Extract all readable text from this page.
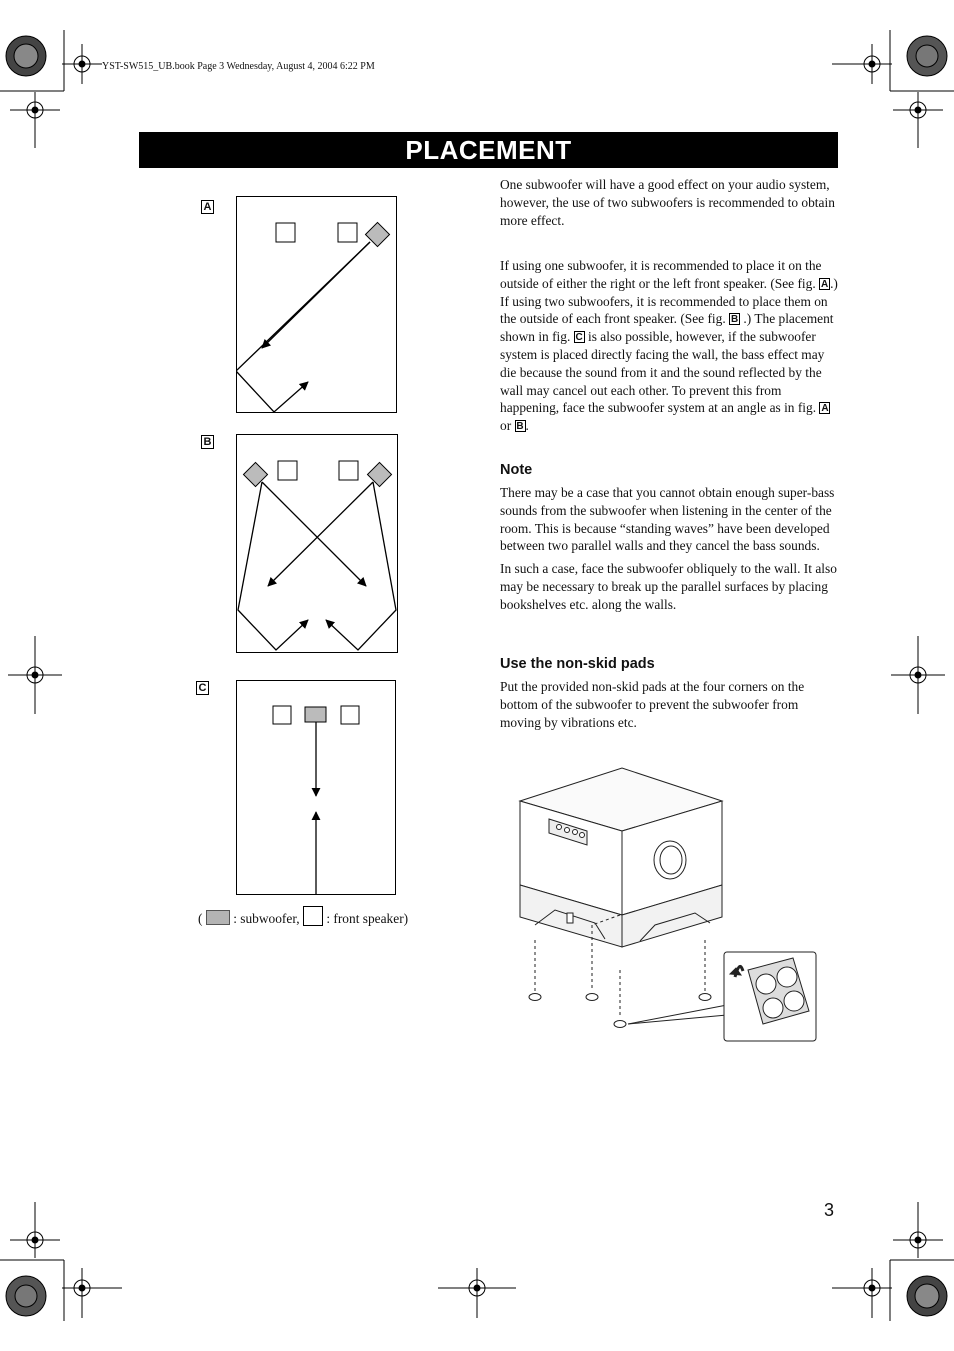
YST-SW515_UB.book Page 3 Wednesday, August 4, 2004 6:22 PM
PLACEMENT
A
B
C
( : subwoofer, : front speaker)

One subwoofer will have a good effect on your audio system, however, the use of two subwoofers is recommended to obtain more effect.

If using one subwoofer, it is recommended to place it on the outside of either the right or the left front speaker. (See fig. A .) If using two subwoofers, it is recommended to place them on the outside of each front speaker. (See fig. B .) The placement shown in fig. C is also possible, however, if the subwoofer system is placed directly facing the wall, the bass effect may die because the sound from it and the sound reflected by the wall may cancel out each other. To prevent this from happening, face the subwoofer system at an angle as in fig. A or B .

Note

There may be a case that you cannot obtain enough super-bass sounds from the subwoofer when listening in the center of the room. This is because “standing waves” have been developed between two parallel walls and they cancel the bass sounds.

In such a case, face the subwoofer obliquely to the wall. It also may be necessary to break up the parallel surfaces by placing bookshelves etc. along the walls.

Use the non-skid pads

Put the provided non-skid pads at the four corners on the bottom of the subwoofer to prevent the subwoofer from moving by vibrations etc.

3
